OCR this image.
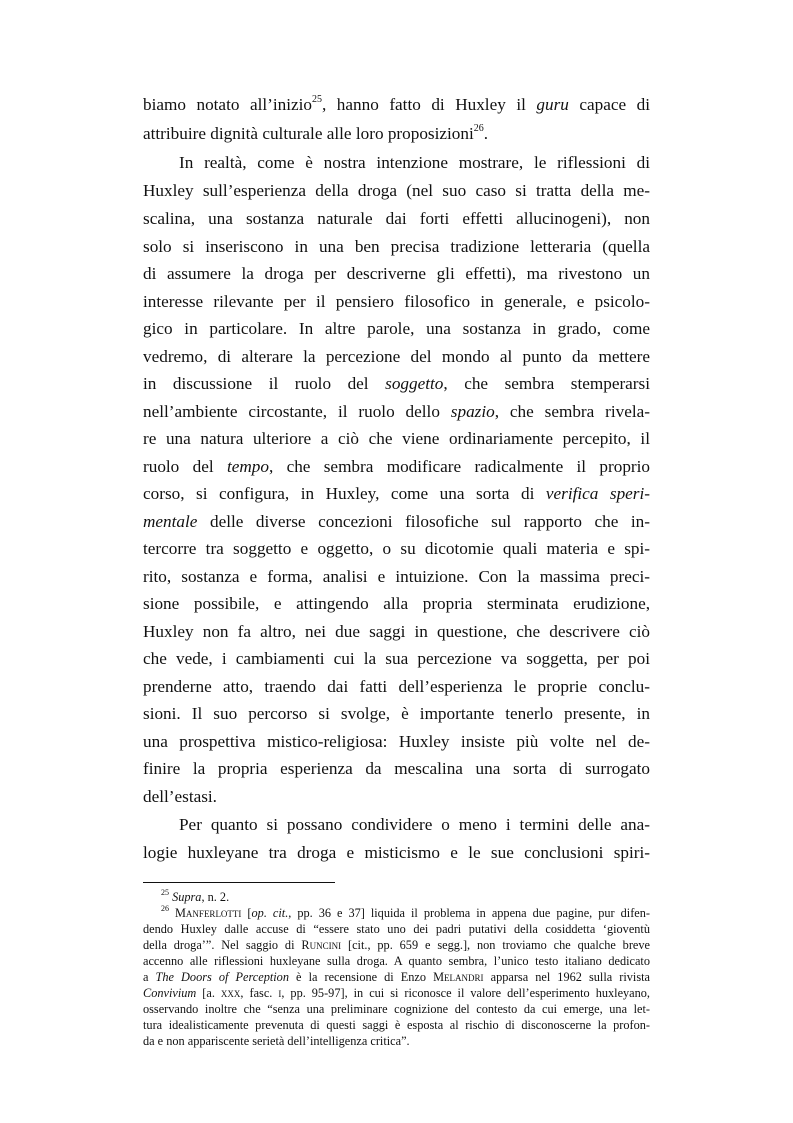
biamo notato all’inizio$^{25}$, hanno fatto di Huxley il guru capace di
attribuire dignità culturale alle loro proposizioni$^{26}$.
In realtà, come è nostra intenzione mostrare, le riflessioni di
Huxley sull’esperienza della droga (nel suo caso si tratta della me-
scalina, una sostanza naturale dai forti effetti allucinogeni), non
solo si inseriscono in una ben precisa tradizione letteraria (quella
di assumere la droga per descriverne gli effetti), ma rivestono un
interesse rilevante per il pensiero filosofico in generale, e psicolo-
gico in particolare. In altre parole, una sostanza in grado, come
vedremo, di alterare la percezione del mondo al punto da mettere
in discussione il ruolo del soggetto, che sembra stemperarsi
nell’ambiente circostante, il ruolo dello spazio, che sembra rivela-
re una natura ulteriore a ciò che viene ordinariamente percepito, il
ruolo del tempo, che sembra modificare radicalmente il proprio
corso, si configura, in Huxley, come una sorta di verifica speri-
mentale delle diverse concezioni filosofiche sul rapporto che in-
tercorre tra soggetto e oggetto, o su dicotomie quali materia e spi-
rito, sostanza e forma, analisi e intuizione. Con la massima preci-
sione possibile, e attingendo alla propria sterminata erudizione,
Huxley non fa altro, nei due saggi in questione, che descrivere ciò
che vede, i cambiamenti cui la sua percezione va soggetta, per poi
prenderne atto, traendo dai fatti dell’esperienza le proprie conclu-
sioni. Il suo percorso si svolge, è importante tenerlo presente, in
una prospettiva mistico-religiosa: Huxley insiste più volte nel de-
finire la propria esperienza da mescalina una sorta di surrogato
dell’estasi.
Per quanto si possano condividere o meno i termini delle ana-
logie huxleyane tra droga e misticismo e le sue conclusioni spiri-
$^{25}$ Supra, n. 2.
$^{26}$ Manferlotti [op. cit., pp. 36 e 37] liquida il problema in appena due pagine, pur difen-
dendo Huxley dalle accuse di “essere stato uno dei padri putativi della cosiddetta ‘gioventù
della droga’”. Nel saggio di Runcini [cit., pp. 659 e segg.], non troviamo che qualche breve
accenno alle riflessioni huxleyane sulla droga. A quanto sembra, l’unico testo italiano dedicato
a The Doors of Perception è la recensione di Enzo Melandri apparsa nel 1962 sulla rivista
Convivium [a. xxx, fasc. i, pp. 95-97], in cui si riconosce il valore dell’esperimento huxleyano,
osservando inoltre che “senza una preliminare cognizione del contesto da cui emerge, una let-
tura idealisticamente prevenuta di questi saggi è esposta al rischio di disconoscerne la profon-
da e non appariscente serietà dell’intelligenza critica”.
